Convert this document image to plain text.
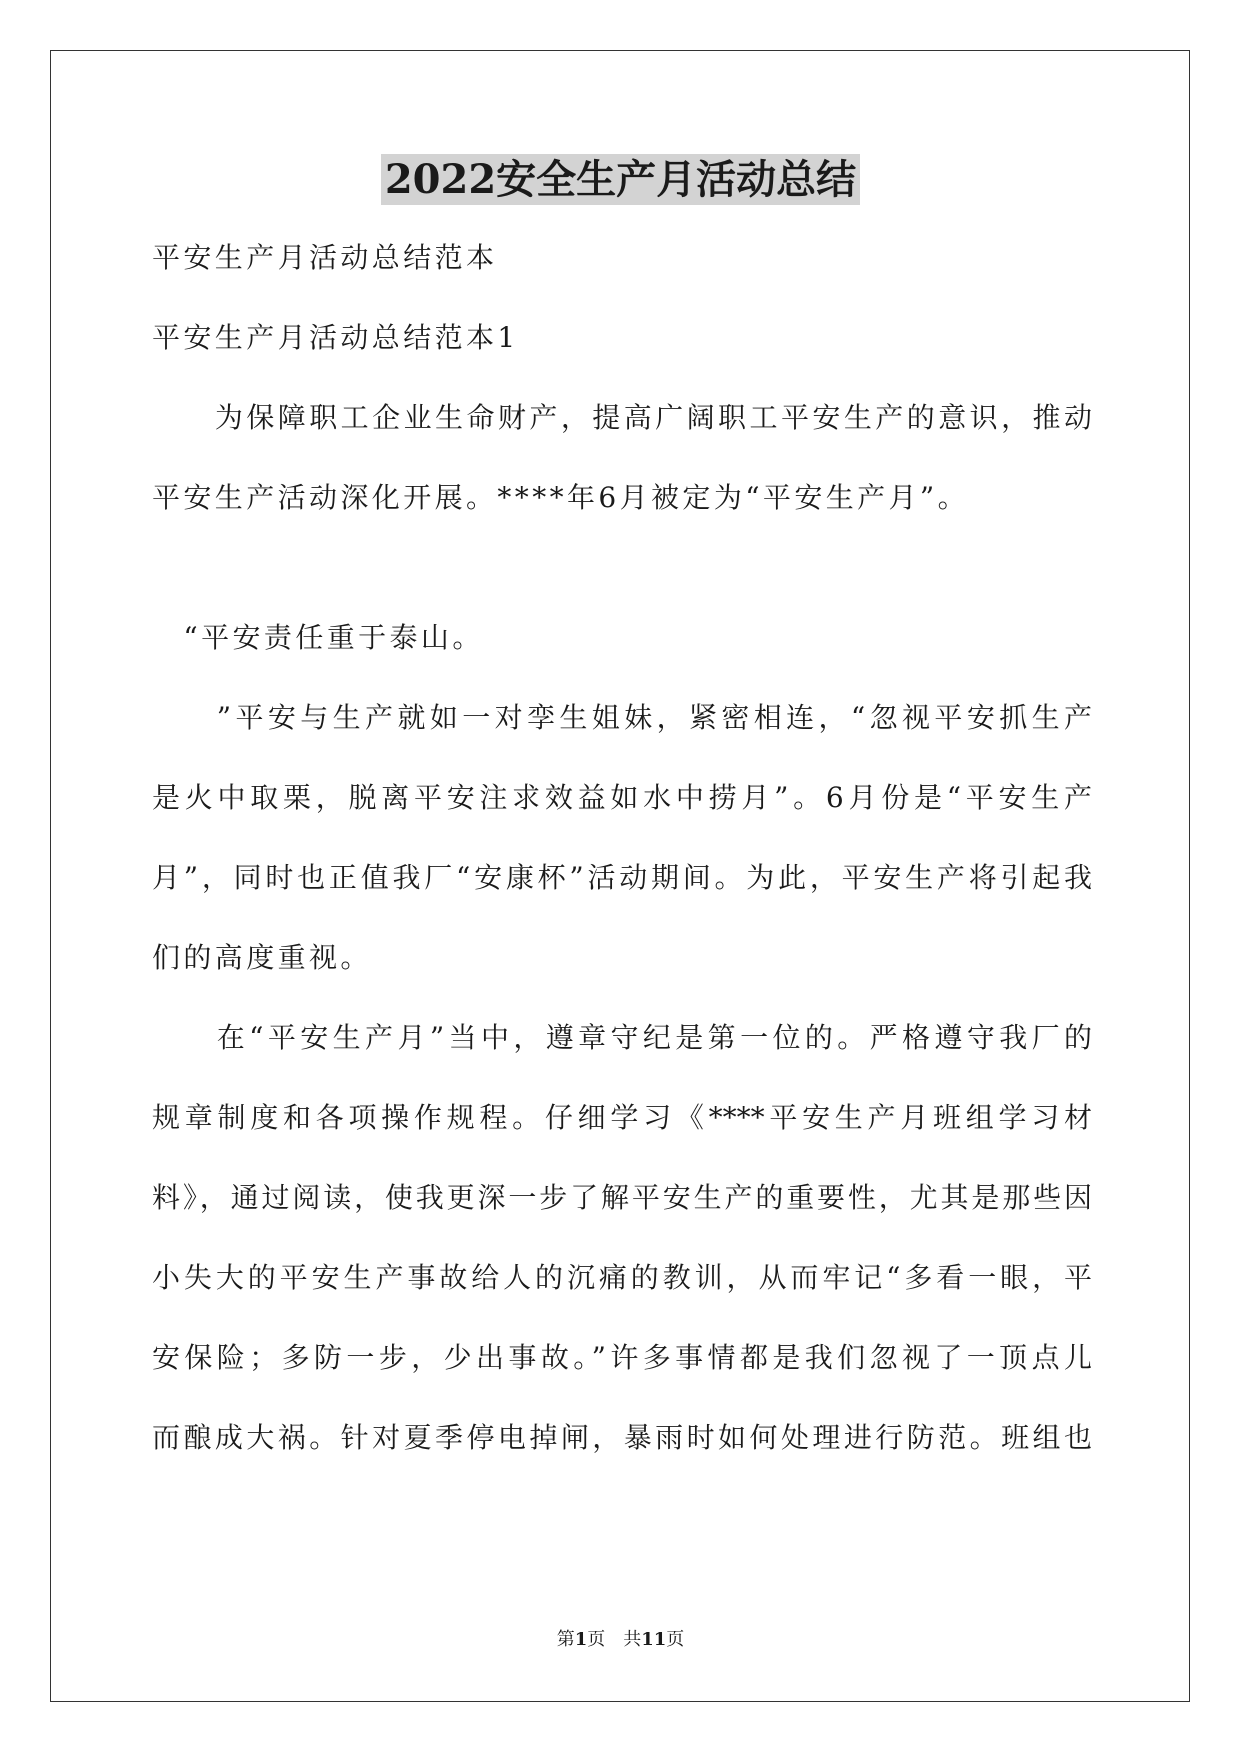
2022安全生产月活动总结
平安生产月活动总结范本
平安生产月活动总结范本1
　　为保障职工企业生命财产，提高广阔职工平安生产的意识，推动
平安生产活动深化开展。****年6月被定为“平安生产月”。
　“平安责任重于泰山。
　　”平安与生产就如一对孪生姐妹，紧密相连，“忽视平安抓生产
是火中取栗，脱离平安注求效益如水中捞月”。6月份是“平安生产
月”，同时也正值我厂“安康杯”活动期间。为此，平安生产将引起我
们的高度重视。
　　在“平安生产月”当中，遵章守纪是第一位的。严格遵守我厂的
规章制度和各项操作规程。仔细学习《****平安生产月班组学习材
料》，通过阅读，使我更深一步了解平安生产的重要性，尤其是那些因
小失大的平安生产事故给人的沉痛的教训，从而牢记“多看一眼，平
安保险；多防一步，少出事故。”许多事情都是我们忽视了一顶点儿
而酿成大祸。针对夏季停电掉闸，暴雨时如何处理进行防范。班组也
第1页　 共11页
